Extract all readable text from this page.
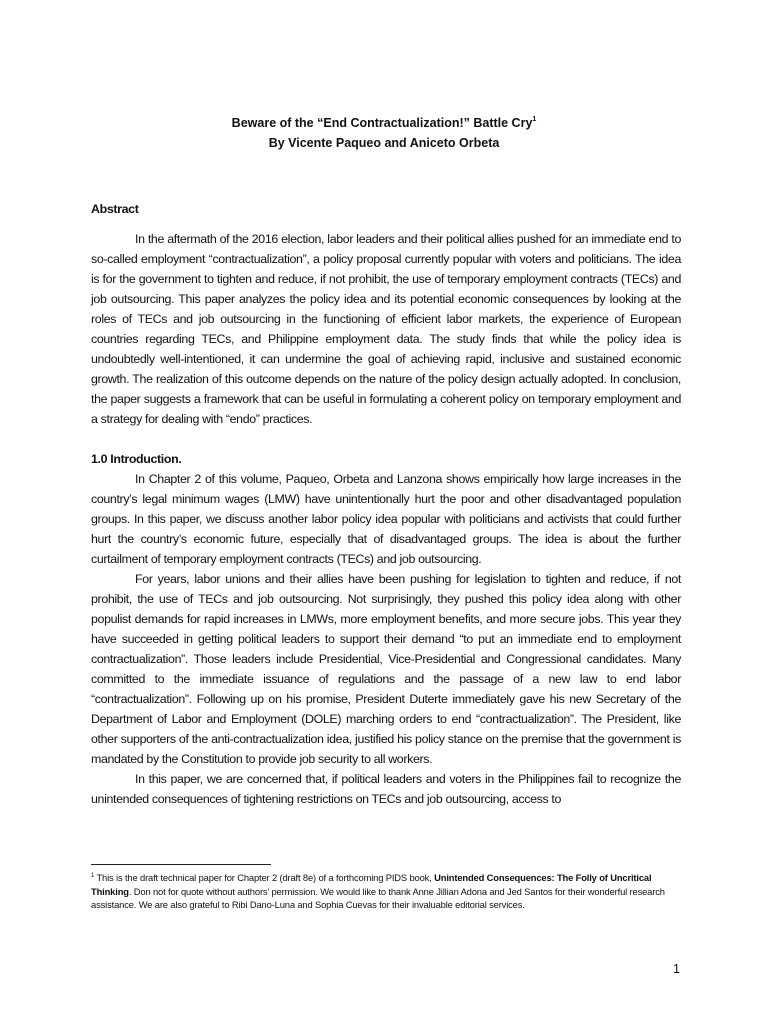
Beware of the “End Contractualization!” Battle Cry$^1$
By Vicente Paqueo and Aniceto Orbeta
Abstract

In the aftermath of the 2016 election, labor leaders and their political allies pushed for an immediate end to so-called employment “contractualization”, a policy proposal currently popular with voters and politicians. The idea is for the government to tighten and reduce, if not prohibit, the use of temporary employment contracts (TECs) and job outsourcing. This paper analyzes the policy idea and its potential economic consequences by looking at the roles of TECs and job outsourcing in the functioning of efficient labor markets, the experience of European countries regarding TECs, and Philippine employment data. The study finds that while the policy idea is undoubtedly well-intentioned, it can undermine the goal of achieving rapid, inclusive and sustained economic growth. The realization of this outcome depends on the nature of the policy design actually adopted. In conclusion, the paper suggests a framework that can be useful in formulating a coherent policy on temporary employment and a strategy for dealing with “endo” practices.

1.0 Introduction.

In Chapter 2 of this volume, Paqueo, Orbeta and Lanzona shows empirically how large increases in the country’s legal minimum wages (LMW) have unintentionally hurt the poor and other disadvantaged population groups. In this paper, we discuss another labor policy idea popular with politicians and activists that could further hurt the country’s economic future, especially that of disadvantaged groups. The idea is about the further curtailment of temporary employment contracts (TECs) and job outsourcing.

For years, labor unions and their allies have been pushing for legislation to tighten and reduce, if not prohibit, the use of TECs and job outsourcing. Not surprisingly, they pushed this policy idea along with other populist demands for rapid increases in LMWs, more employment benefits, and more secure jobs. This year they have succeeded in getting political leaders to support their demand “to put an immediate end to employment contractualization”. Those leaders include Presidential, Vice-Presidential and Congressional candidates. Many committed to the immediate issuance of regulations and the passage of a new law to end labor “contractualization”. Following up on his promise, President Duterte immediately gave his new Secretary of the Department of Labor and Employment (DOLE) marching orders to end “contractualization”. The President, like other supporters of the anti-contractualization idea, justified his policy stance on the premise that the government is mandated by the Constitution to provide job security to all workers.

In this paper, we are concerned that, if political leaders and voters in the Philippines fail to recognize the unintended consequences of tightening restrictions on TECs and job outsourcing, access to

$^1$ This is the draft technical paper for Chapter 2 (draft 8e) of a forthcoming PIDS book, Unintended Consequences: The Folly of Uncritical Thinking. Don not for quote without authors’ permission. We would like to thank Anne Jillian Adona and Jed Santos for their wonderful research assistance. We are also grateful to Ribi Dano-Luna and Sophia Cuevas for their invaluable editorial services.
1
